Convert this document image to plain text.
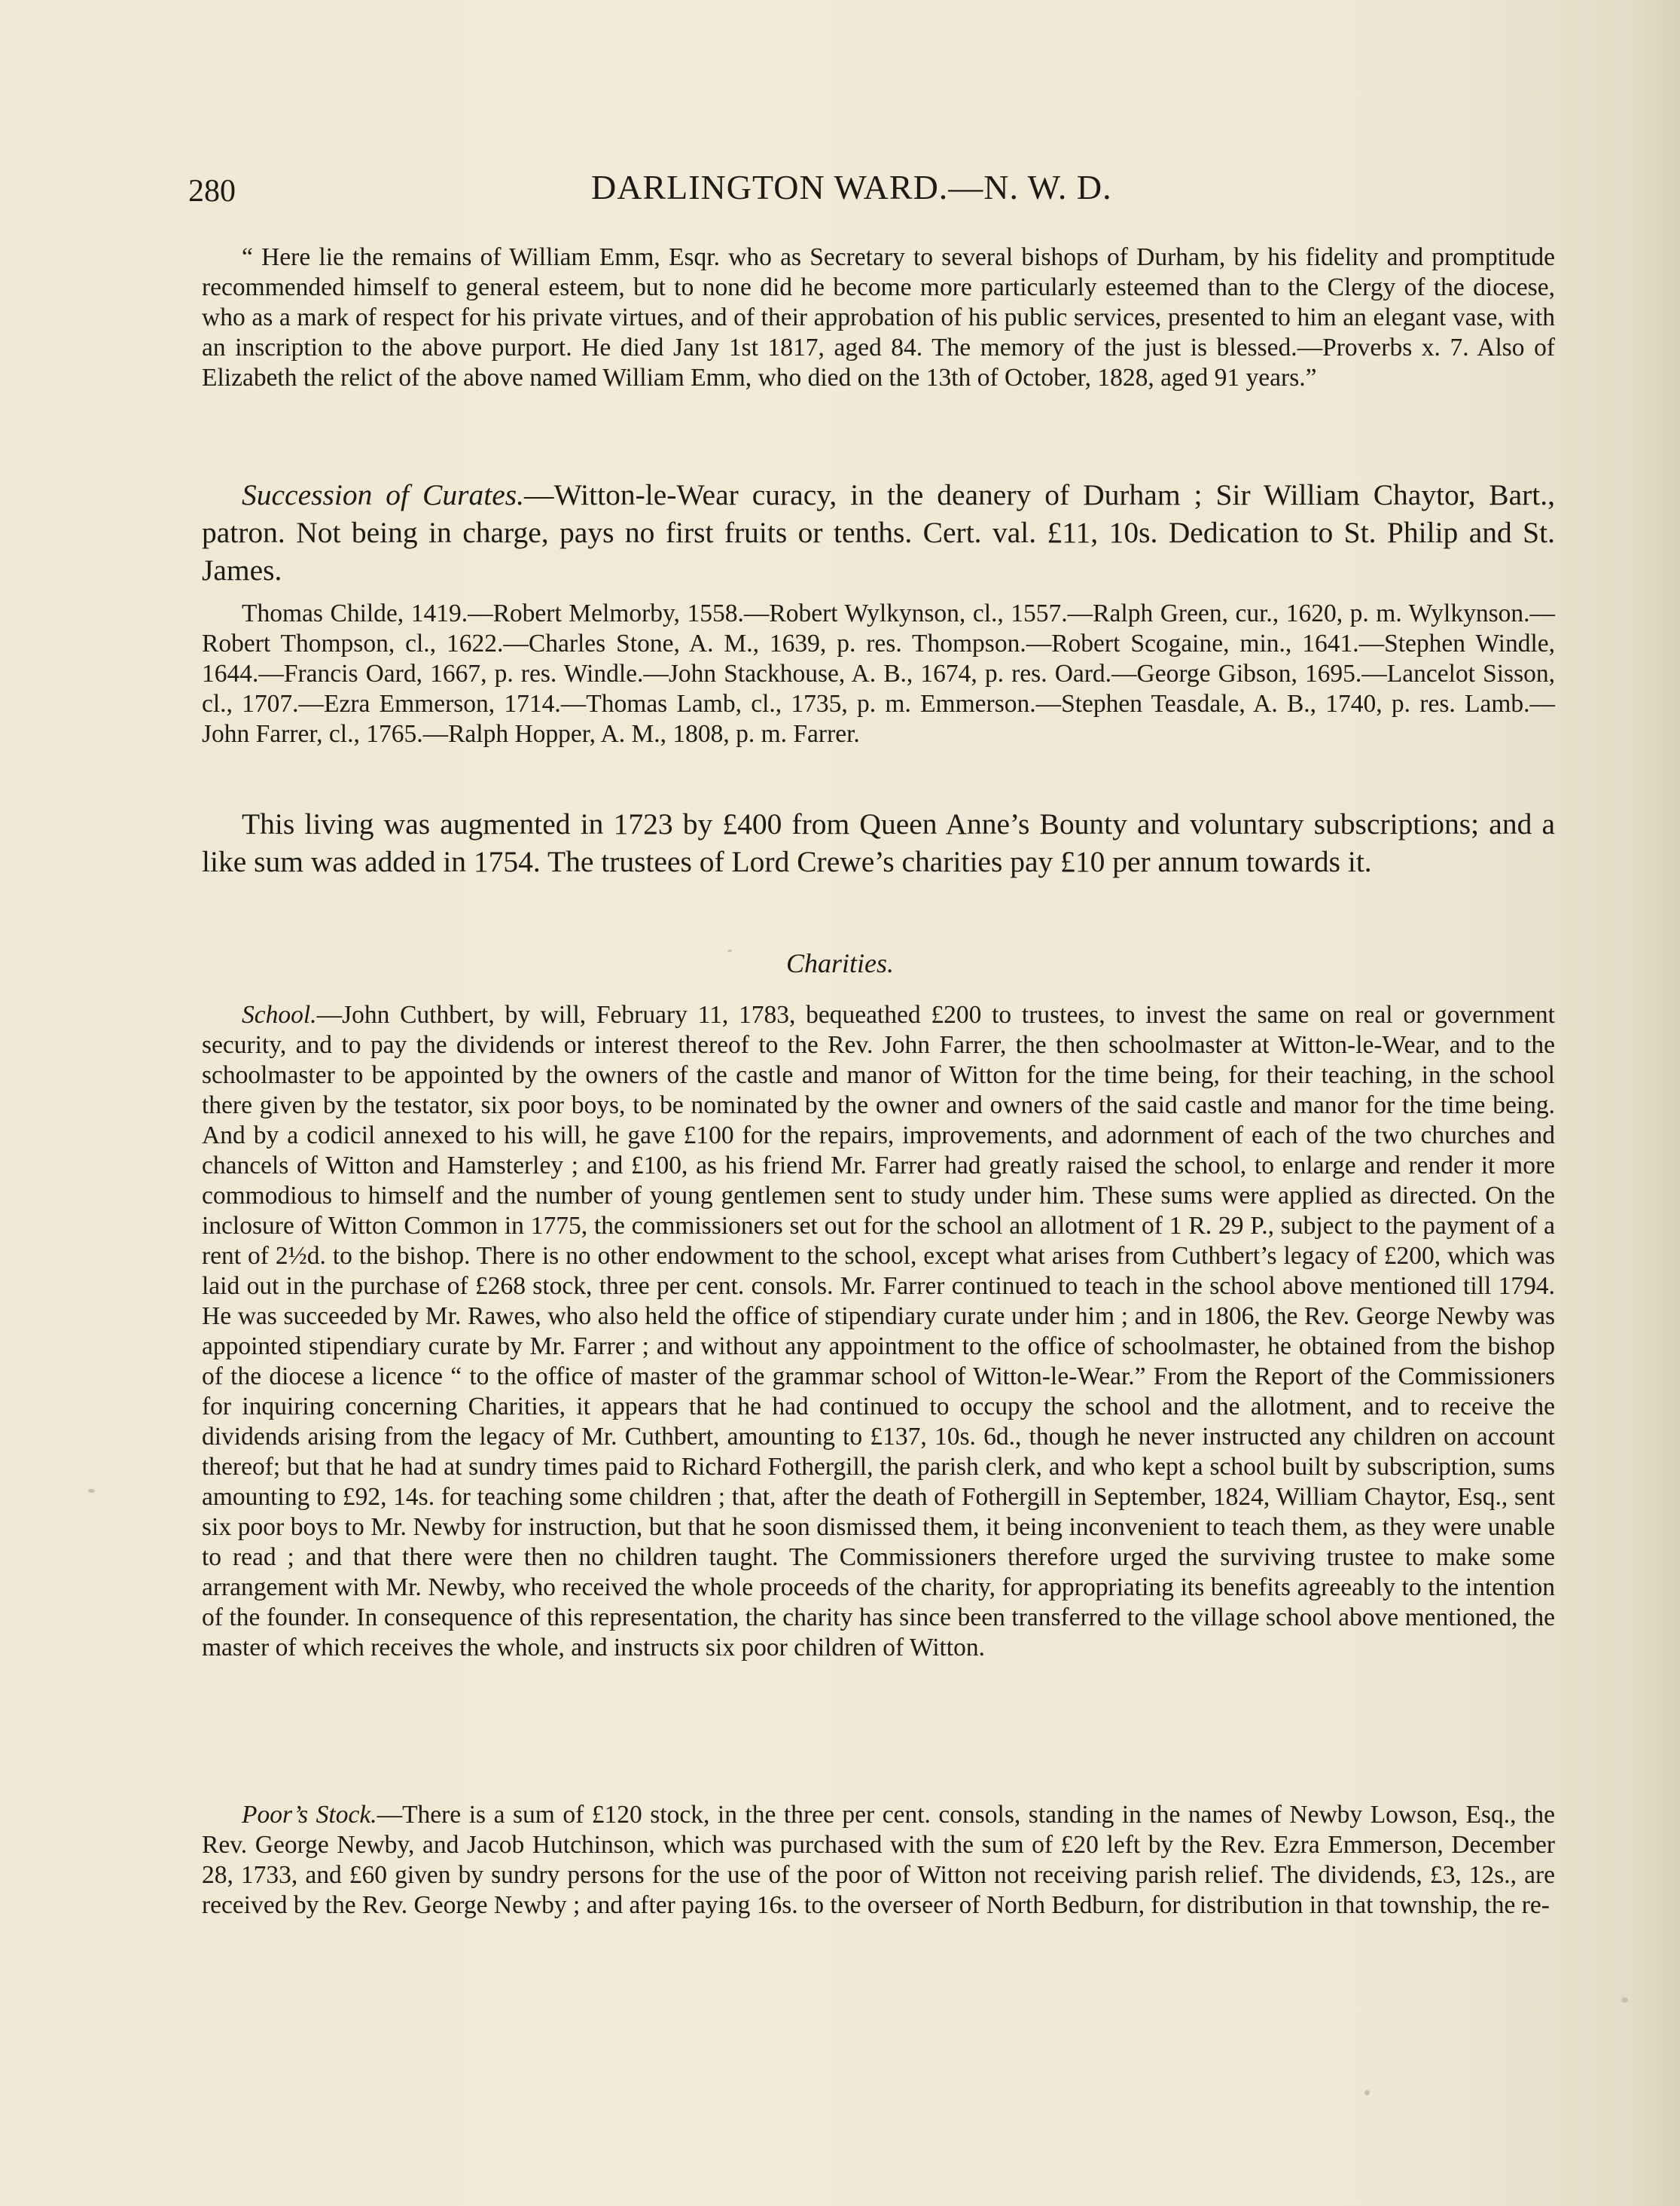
280	DARLINGTON WARD.—N. W. D.

“ Here lie the remains of William Emm, Esqr. who as Secretary to several bishops of Durham, by his fidelity and promptitude recommended himself to general esteem, but to none did he become more particularly esteemed than to the Clergy of the diocese, who as a mark of respect for his private virtues, and of their approbation of his public services, presented to him an elegant vase, with an inscription to the above purport. He died Jany 1st 1817, aged 84. The memory of the just is blessed.—Proverbs x. 7. Also of Elizabeth the relict of the above named William Emm, who died on the 13th of October, 1828, aged 91 years.”

Succession of Curates.—Witton-le-Wear curacy, in the deanery of Durham ; Sir William Chaytor, Bart., patron. Not being in charge, pays no first fruits or tenths. Cert. val. £11, 10s. Dedication to St. Philip and St. James.

Thomas Childe, 1419.—Robert Melmorby, 1558.—Robert Wylkynson, cl., 1557.—Ralph Green, cur., 1620, p. m. Wylkynson.—Robert Thompson, cl., 1622.—Charles Stone, A. M., 1639, p. res. Thompson.—Robert Scogaine, min., 1641.—Stephen Windle, 1644.—Francis Oard, 1667, p. res. Windle.—John Stackhouse, A. B., 1674, p. res. Oard.—George Gibson, 1695.—Lancelot Sisson, cl., 1707.—Ezra Emmerson, 1714.—Thomas Lamb, cl., 1735, p. m. Emmerson.—Stephen Teasdale, A. B., 1740, p. res. Lamb.—John Farrer, cl., 1765.—Ralph Hopper, A. M., 1808, p. m. Farrer.

This living was augmented in 1723 by £400 from Queen Anne’s Bounty and voluntary subscriptions; and a like sum was added in 1754. The trustees of Lord Crewe’s charities pay £10 per annum towards it.

Charities.

School.—John Cuthbert, by will, February 11, 1783, bequeathed £200 to trustees, to invest the same on real or government security, and to pay the dividends or interest thereof to the Rev. John Farrer, the then schoolmaster at Witton-le-Wear, and to the schoolmaster to be appointed by the owners of the castle and manor of Witton for the time being, for their teaching, in the school there given by the testator, six poor boys, to be nominated by the owner and owners of the said castle and manor for the time being. And by a codicil annexed to his will, he gave £100 for the repairs, improvements, and adornment of each of the two churches and chancels of Witton and Hamsterley ; and £100, as his friend Mr. Farrer had greatly raised the school, to enlarge and render it more commodious to himself and the number of young gentlemen sent to study under him. These sums were applied as directed. On the inclosure of Witton Common in 1775, the commissioners set out for the school an allotment of 1 R. 29 P., subject to the payment of a rent of 2½d. to the bishop. There is no other endowment to the school, except what arises from Cuthbert’s legacy of £200, which was laid out in the purchase of £268 stock, three per cent. consols. Mr. Farrer continued to teach in the school above mentioned till 1794. He was succeeded by Mr. Rawes, who also held the office of stipendiary curate under him ; and in 1806, the Rev. George Newby was appointed stipendiary curate by Mr. Farrer ; and without any appointment to the office of schoolmaster, he obtained from the bishop of the diocese a licence “ to the office of master of the grammar school of Witton-le-Wear.” From the Report of the Commissioners for inquiring concerning Charities, it appears that he had continued to occupy the school and the allotment, and to receive the dividends arising from the legacy of Mr. Cuthbert, amounting to £137, 10s. 6d., though he never instructed any children on account thereof; but that he had at sundry times paid to Richard Fothergill, the parish clerk, and who kept a school built by subscription, sums amounting to £92, 14s. for teaching some children ; that, after the death of Fothergill in September, 1824, William Chaytor, Esq., sent six poor boys to Mr. Newby for instruction, but that he soon dismissed them, it being inconvenient to teach them, as they were unable to read ; and that there were then no children taught. The Commissioners therefore urged the surviving trustee to make some arrangement with Mr. Newby, who received the whole proceeds of the charity, for appropriating its benefits agreeably to the intention of the founder. In consequence of this representation, the charity has since been transferred to the village school above mentioned, the master of which receives the whole, and instructs six poor children of Witton.

Poor’s Stock.—There is a sum of £120 stock, in the three per cent. consols, standing in the names of Newby Lowson, Esq., the Rev. George Newby, and Jacob Hutchinson, which was purchased with the sum of £20 left by the Rev. Ezra Emmerson, December 28, 1733, and £60 given by sundry persons for the use of the poor of Witton not receiving parish relief. The dividends, £3, 12s., are received by the Rev. George Newby ; and after paying 16s. to the overseer of North Bedburn, for distribution in that township, the re-
